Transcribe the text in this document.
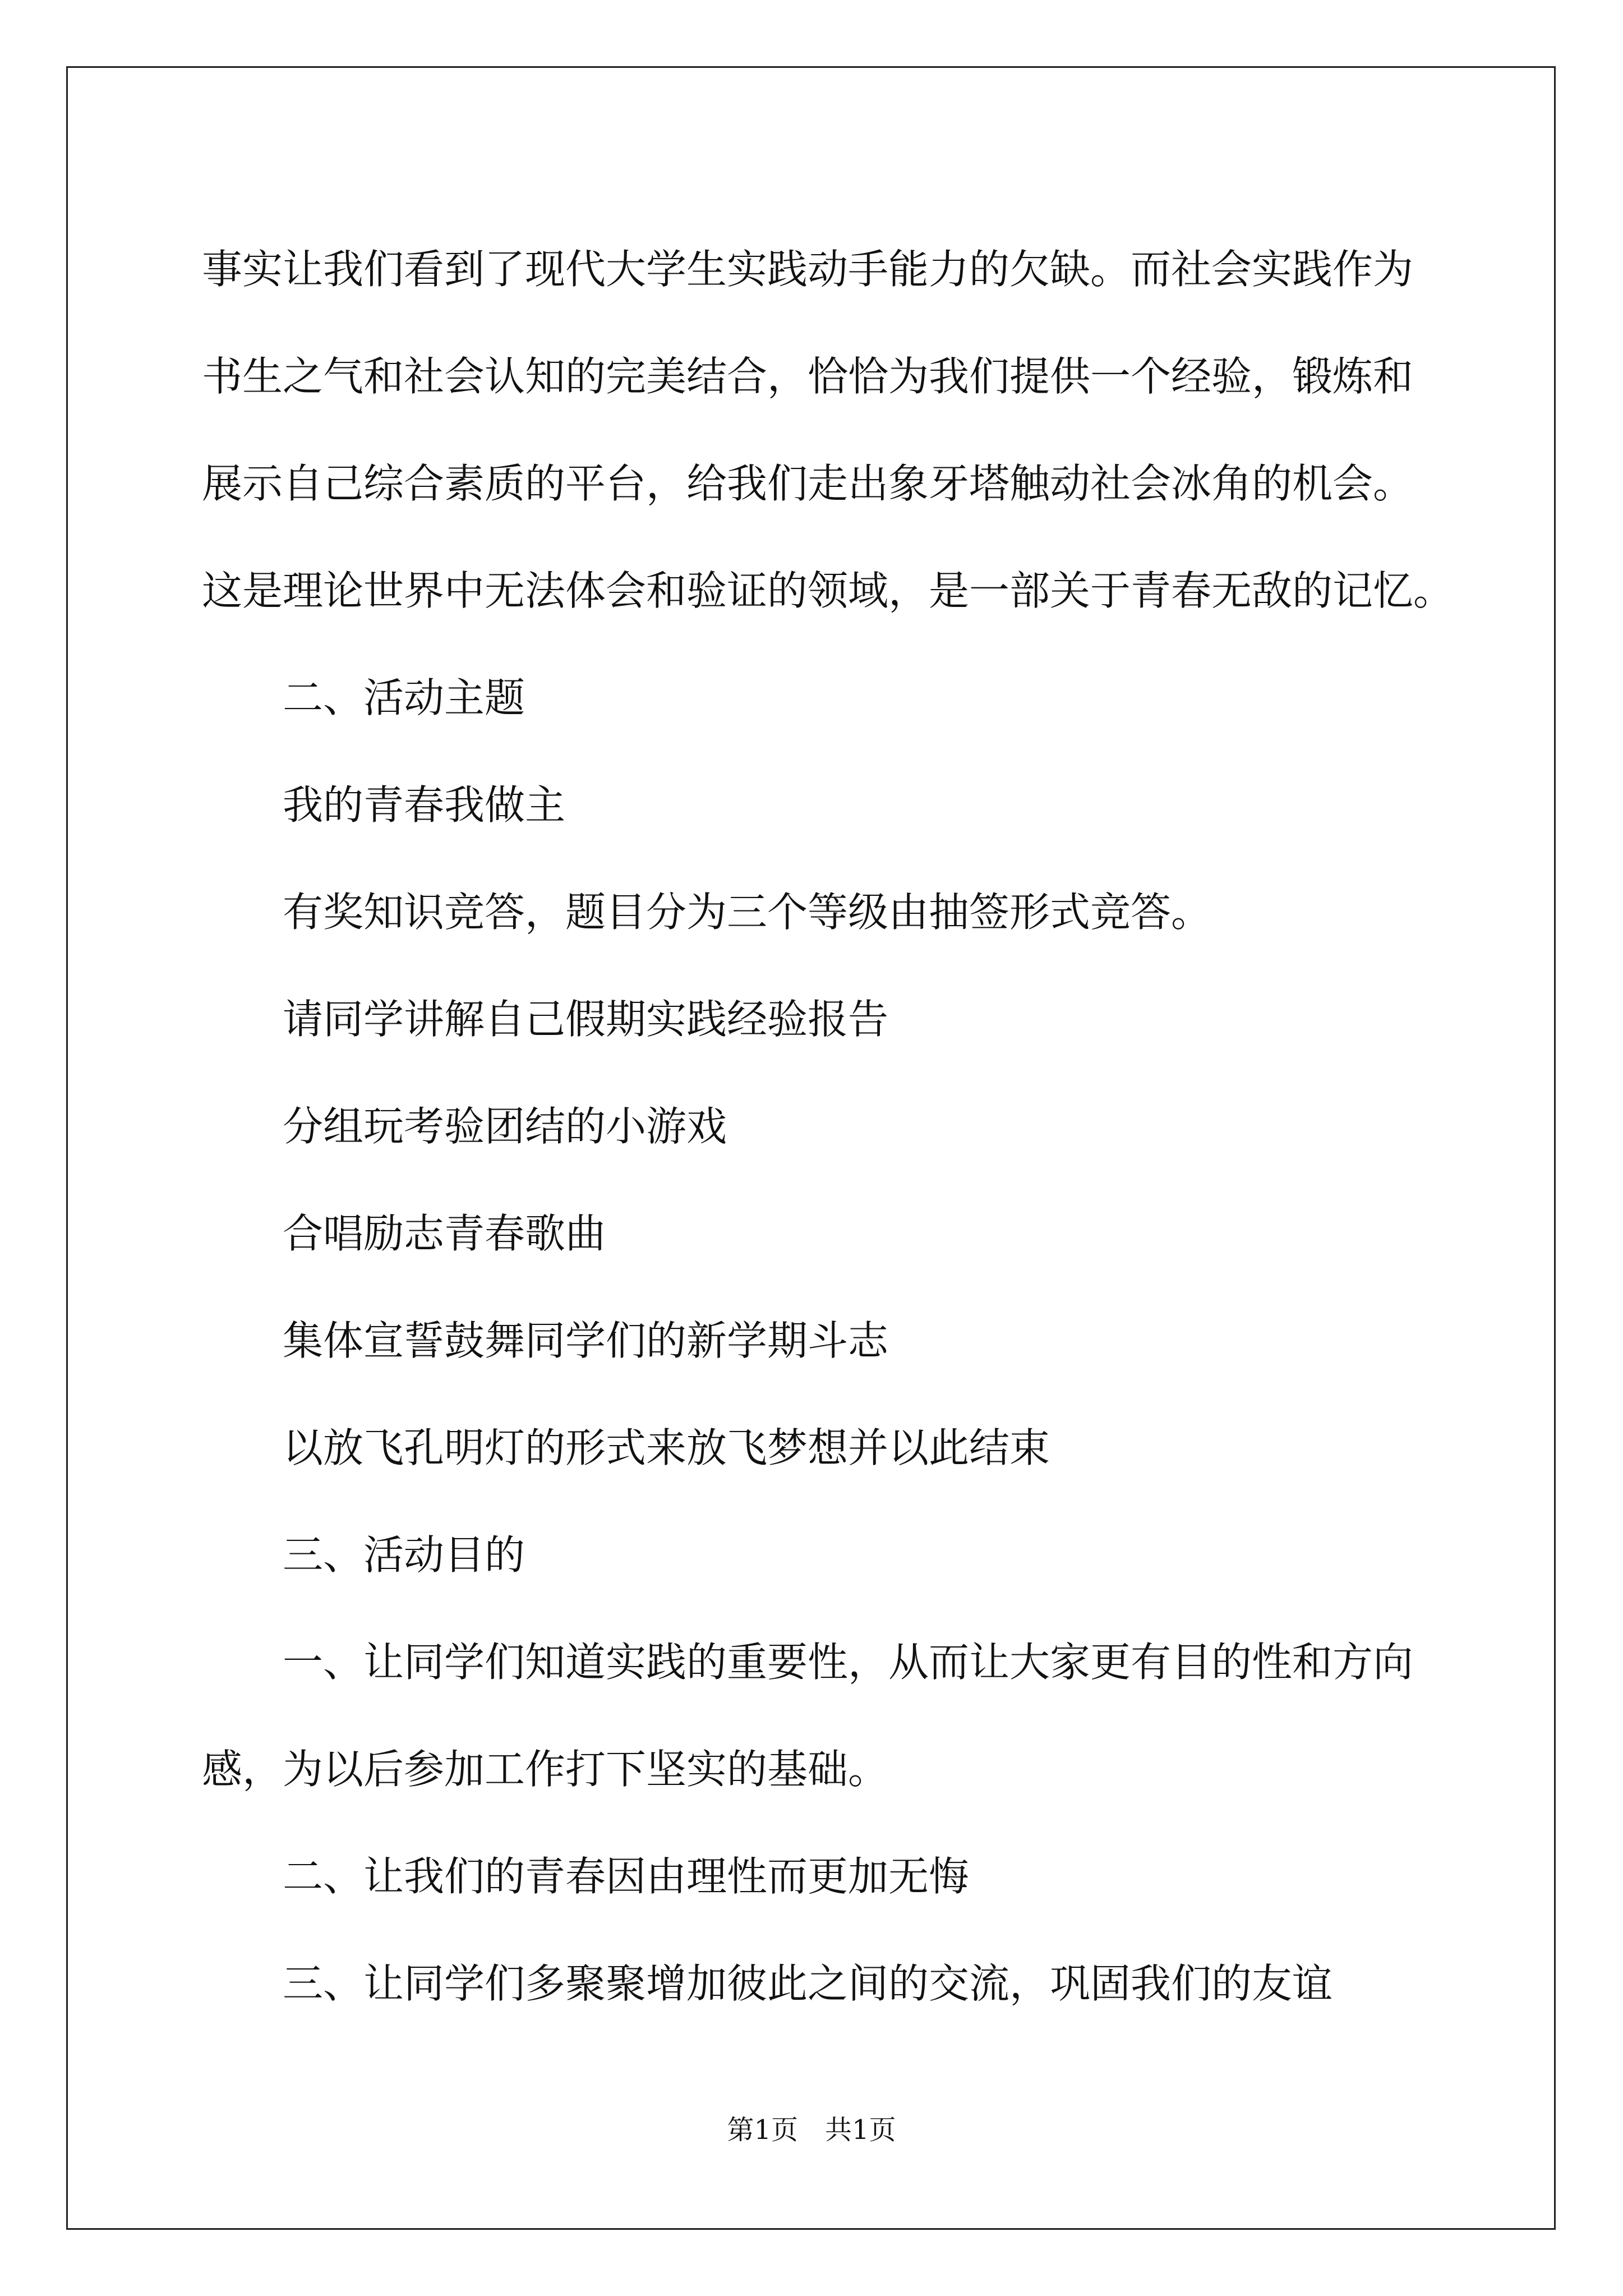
事实让我们看到了现代大学生实践动手能力的欠缺。而社会实践作为

书生之气和社会认知的完美结合，恰恰为我们提供一个经验，锻炼和

展示自己综合素质的平台，给我们走出象牙塔触动社会冰角的机会。

这是理论世界中无法体会和验证的领域，是一部关于青春无敌的记忆。

二、活动主题

我的青春我做主

有奖知识竞答，题目分为三个等级由抽签形式竞答。

请同学讲解自己假期实践经验报告

分组玩考验团结的小游戏

合唱励志青春歌曲

集体宣誓鼓舞同学们的新学期斗志

以放飞孔明灯的形式来放飞梦想并以此结束

三、活动目的

一、让同学们知道实践的重要性，从而让大家更有目的性和方向

感，为以后参加工作打下坚实的基础。

二、让我们的青春因由理性而更加无悔

三、让同学们多聚聚增加彼此之间的交流，巩固我们的友谊

第1页 共1页
